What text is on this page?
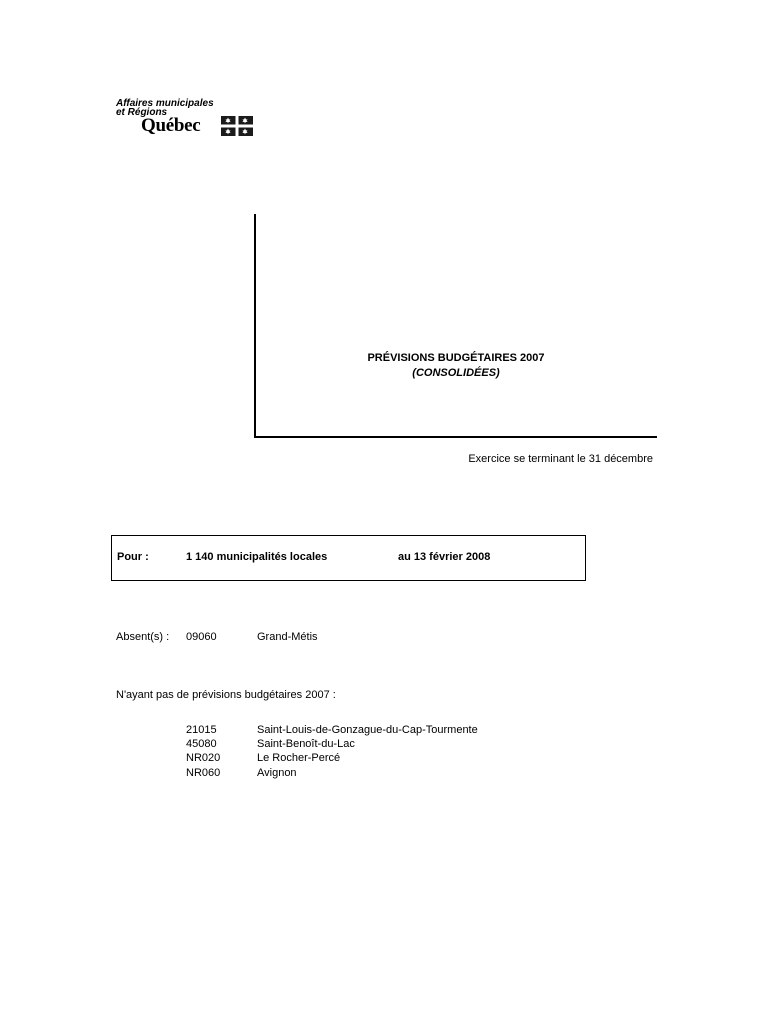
Affaires municipales
et Régions
Québec
PRÉVISIONS BUDGÉTAIRES 2007
(CONSOLIDÉES)
Exercice se terminant le 31 décembre
Pour :	1 140 municipalités locales	au 13 février 2008
Absent(s) : 09060	Grand-Métis
N'ayant pas de prévisions budgétaires 2007 :
21015	Saint-Louis-de-Gonzague-du-Cap-Tourmente
45080	Saint-Benoît-du-Lac
NR020	Le Rocher-Percé
NR060	Avignon
